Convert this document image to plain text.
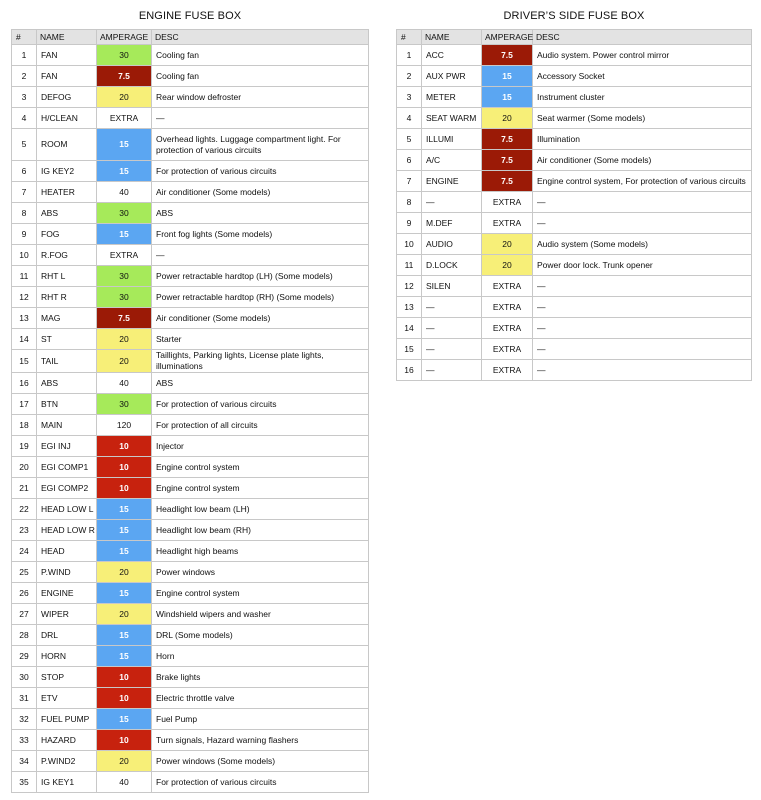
ENGINE FUSE BOX
#	NAME	AMPERAGE	DESC
1	FAN	30	Cooling fan
2	FAN	7.5	Cooling fan
3	DEFOG	20	Rear window defroster
4	H/CLEAN	EXTRA	—
5	ROOM	15	Overhead lights. Luggage compartment light. For protection of various circuits
6	IG KEY2	15	For protection of various circuits
7	HEATER	40	Air conditioner (Some models)
8	ABS	30	ABS
9	FOG	15	Front fog lights (Some models)
10	R.FOG	EXTRA	—
11	RHT L	30	Power retractable hardtop (LH) (Some models)
12	RHT R	30	Power retractable hardtop (RH) (Some models)
13	MAG	7.5	Air conditioner (Some models)
14	ST	20	Starter
15	TAIL	20	Taillights, Parking lights, License plate lights, illuminations
16	ABS	40	ABS
17	BTN	30	For protection of various circuits
18	MAIN	120	For protection of all circuits
19	EGI INJ	10	Injector
20	EGI COMP1	10	Engine control system
21	EGI COMP2	10	Engine control system
22	HEAD LOW L	15	Headlight low beam (LH)
23	HEAD LOW R	15	Headlight low beam (RH)
24	HEAD	15	Headlight high beams
25	P.WIND	20	Power windows
26	ENGINE	15	Engine control system
27	WIPER	20	Windshield wipers and washer
28	DRL	15	DRL (Some models)
29	HORN	15	Horn
30	STOP	10	Brake lights
31	ETV	10	Electric throttle valve
32	FUEL PUMP	15	Fuel Pump
33	HAZARD	10	Turn signals, Hazard warning flashers
34	P.WIND2	20	Power windows (Some models)
35	IG KEY1	40	For protection of various circuits
DRIVER’S SIDE FUSE BOX
#	NAME	AMPERAGE	DESC
1	ACC	7.5	Audio system. Power control mirror
2	AUX PWR	15	Accessory Socket
3	METER	15	Instrument cluster
4	SEAT WARM	20	Seat warmer (Some models)
5	ILLUMI	7.5	Illumination
6	A/C	7.5	Air conditioner (Some models)
7	ENGINE	7.5	Engine control system, For protection of various circuits
8	—	EXTRA	—
9	M.DEF	EXTRA	—
10	AUDIO	20	Audio system (Some models)
11	D.LOCK	20	Power door lock. Trunk opener
12	SILEN	EXTRA	—
13	—	EXTRA	—
14	—	EXTRA	—
15	—	EXTRA	—
16	—	EXTRA	—
